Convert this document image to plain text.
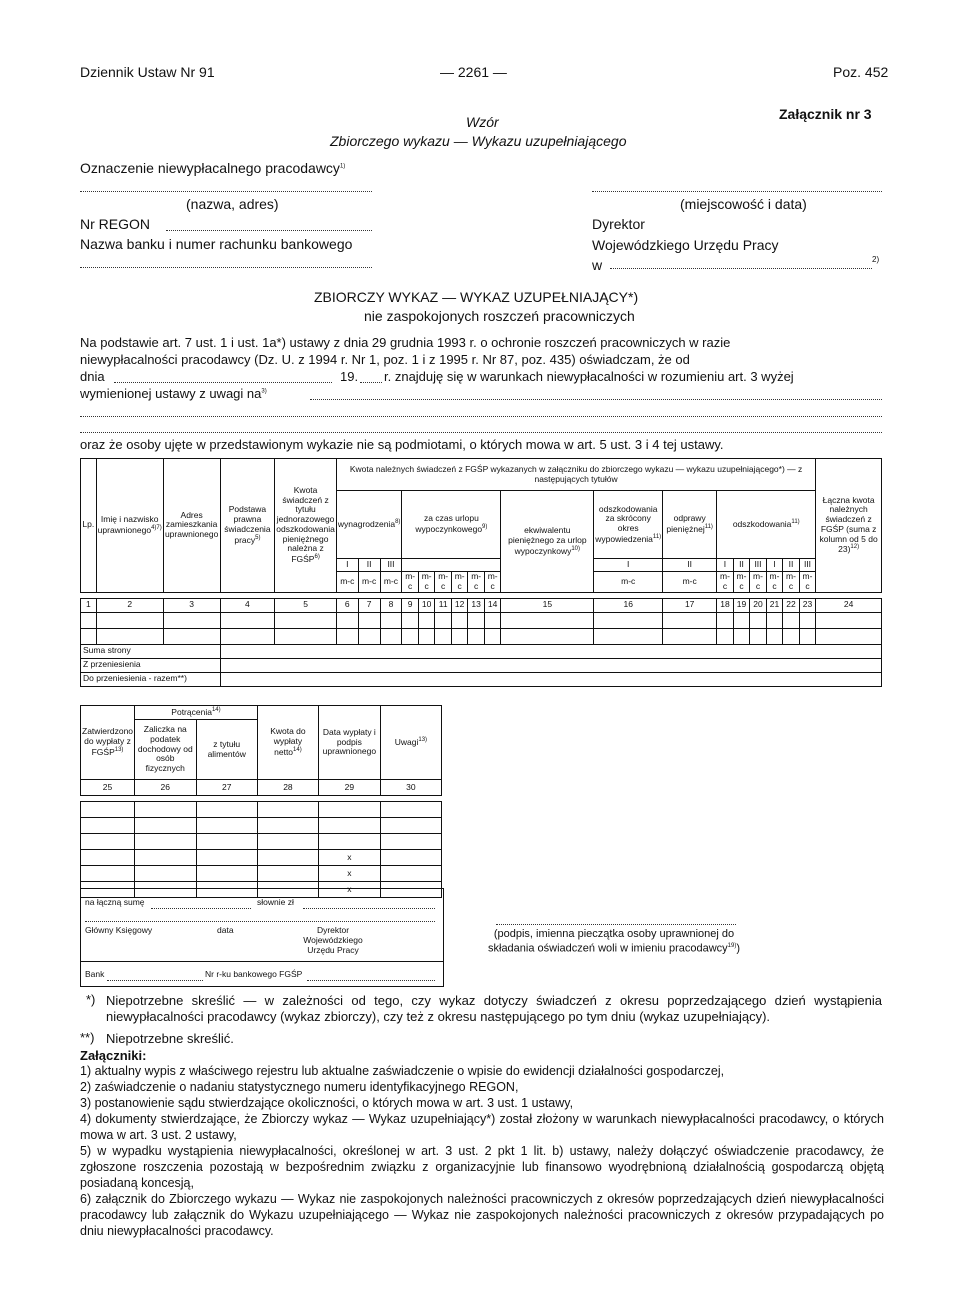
Dziennik Ustaw Nr 91	— 2261 —	Poz. 452
Załącznik nr 3
Wzór
Zbiorczego wykazu — Wykazu uzupełniającego
Oznaczenie niewypłacalnego pracodawcy$^{1)}$
(nazwa, adres)
Nr REGON
Nazwa banku i numer rachunku bankowego
(miejscowość i data)
Dyrektor
Wojewódzkiego Urzędu Pracy
w	2)
ZBIORCZY WYKAZ — WYKAZ UZUPEŁNIAJĄCY*)
nie zaspokojonych roszczeń pracowniczych
Na podstawie art. 7 ust. 1 i ust. 1a*) ustawy z dnia 29 grudnia 1993 r. o ochronie roszczeń pracowniczych w razie
niewypłacalności pracodawcy (Dz. U. z 1994 r. Nr 1, poz. 1 i z 1995 r. Nr 87, poz. 435) oświadczam, że od
dnia	19. r. znajduję się w warunkach niewypłacalności w rozumieniu art. 3 wyżej
wymienionej ustawy z uwagi $na^{3)}$
oraz że osoby ujęte w przedstawionym wykazie nie są podmiotami, o których mowa w art. 5 ust. 3 i 4 tej ustawy.
Lp.	Imię i nazwisko uprawnionego$^{4)7)}$	Adres zamieszkania uprawnionego	Podstawa prawna świadczenia pracy$^{5)}$	Kwota świadczeń z tytułu jednorazowego odszkodowania pieniężnego należna z FGŚP$^{6)}$	Kwota należnych świadczeń z FGŚP wykazanych w załączniku do zbiorczego wykazu — wykazu uzupełniającego*) — z następujących tytułów																		Łączna kwota należnych świadczeń z FGŚP (suma z kolumn od 5 do 23)$^{12)}$
					wynagrodzenia$^{8)}$			za czas urlopu wypoczynkowego$^{9)}$						ekwiwalentu pieniężnego za urlop wypoczynkowy$^{10)}$	odszkodowania za skrócony okres wypowiedzenia$^{11)}$	odprawy pieniężnej$^{11)}$	odszkodowania$^{11)}$
					I	II	III								I	II	I	II	III	I	II	III	
					m-c	m-c	m-c	m-c	m-c	m-c	m-c	m-c	m-c		m-c	m-c	m-c	m-c	m-c	m-c	m-c	m-c	

1	2	3	4	5	6	7	8	9	10	11	12	13	14	15	16	17	18	19	20	21	22	23	24

Suma strony																							
Z przeniesienia																							
Do przeniesienia - razem**)																							
Zatwierdzono do wypłaty z FGŚP$^{13)}$	Potrącenia$^{14)}$		Kwota do wypłaty netto$^{14)}$	Data wypłaty i podpis uprawnionego	Uwagi$^{13)}$
	Zaliczka na podatek dochodowy od osób fizycznych	z tytułu alimentów			
25	26	27	28	29	30

				x	
				x	
				x	
na łączną sumę	słownie zł
Główny Księgowy	data	Dyrektor Wojewódzkiego Urzędu Pracy
Bank	Nr r-ku bankowego FGŚP
(podpis, imienna pieczątka osoby uprawnionej do składania oświadczeń woli w imieniu pracodawcy$^{19)}$)
*) Niepotrzebne skreślić — w zależności od tego, czy wykaz dotyczy świadczeń z okresu poprzedzającego dzień wystąpienia niewypłacalności pracodawcy (wykaz zbiorczy), czy też z okresu następującego po tym dniu (wykaz uzupełniający).
**) Niepotrzebne skreślić.
Załączniki:
1) aktualny wypis z właściwego rejestru lub aktualne zaświadczenie o wpisie do ewidencji działalności gospodarczej,
2) zaświadczenie o nadaniu statystycznego numeru identyfikacyjnego REGON,
3) postanowienie sądu stwierdzające okoliczności, o których mowa w art. 3 ust. 1 ustawy,
4) dokumenty stwierdzające, że Zbiorczy wykaz — Wykaz uzupełniający*) został złożony w warunkach niewypłacalności pracodawcy, o których mowa w art. 3 ust. 2 ustawy,
5) w wypadku wystąpienia niewypłacalności, określonej w art. 3 ust. 2 pkt 1 lit. b) ustawy, należy dołączyć oświadczenie pracodawcy, że zgłoszone roszczenia pozostają w bezpośrednim związku z organizacyjnie lub finansowo wyodrębnioną działalnością gospodarczą objętą posiadaną koncesją,
6) załącznik do Zbiorczego wykazu — Wykaz nie zaspokojonych należności pracowniczych z okresów poprzedzających dzień niewypłacalności pracodawcy lub załącznik do Wykazu uzupełniającego — Wykaz nie zaspokojonych należności pracowniczych z okresów przypadających po dniu niewypłacalności pracodawcy.
